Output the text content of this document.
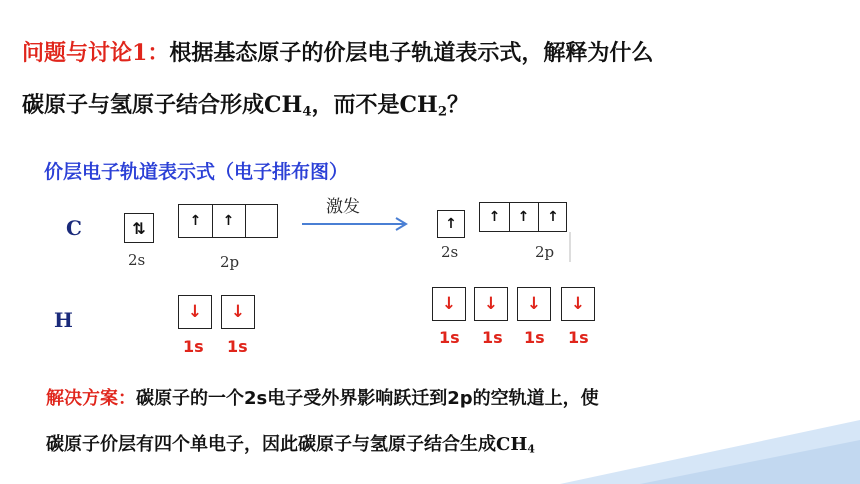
问题与讨论1：根据基态原子的价层电子轨道表示式，解释为什么
碳原子与氢原子结合形成$CH_4$，而不是$CH_2$？
价层电子轨道表示式（电子排布图）
C
H
⇅	↑	↑
2s	2p
激发
↑	↑	↑	↑
2s	2p
↓	↓
1s 1s
↓	↓	↓	↓
1s 1s 1s 1s
解决方案：碳原子的一个2s电子受外界影响跃迁到2p的空轨道上，使
碳原子价层有四个单电子，因此碳原子与氢原子结合生成$CH_4$
